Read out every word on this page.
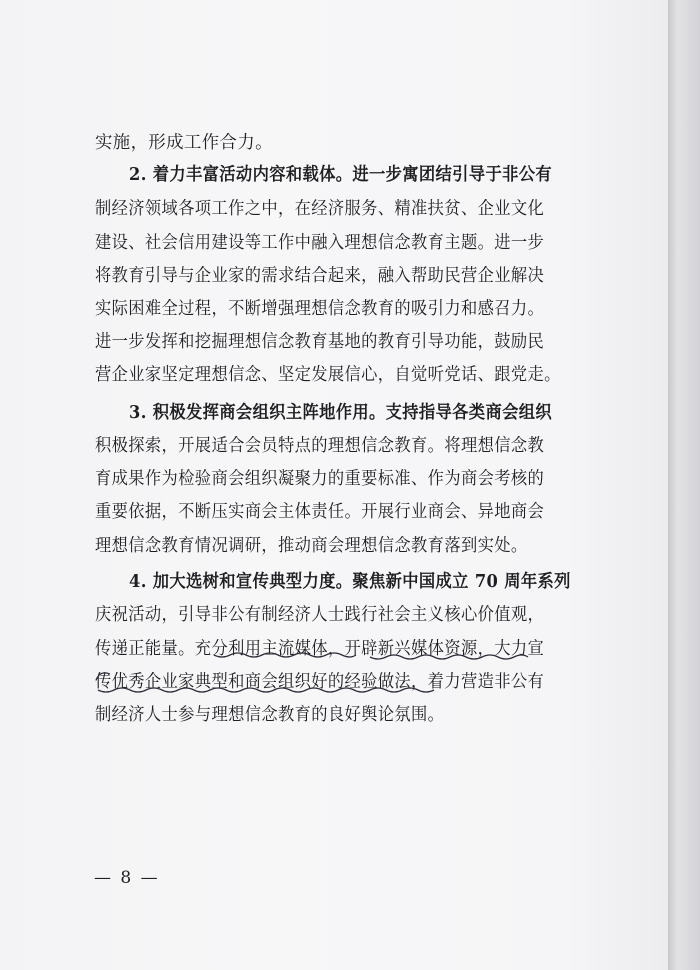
实施，形成工作合力。
2. 着力丰富活动内容和载体。进一步寓团结引导于非公有
制经济领域各项工作之中，在经济服务、精准扶贫、企业文化
建设、社会信用建设等工作中融入理想信念教育主题。进一步
将教育引导与企业家的需求结合起来，融入帮助民营企业解决
实际困难全过程，不断增强理想信念教育的吸引力和感召力。
进一步发挥和挖掘理想信念教育基地的教育引导功能，鼓励民
营企业家坚定理想信念、坚定发展信心，自觉听党话、跟党走。
3. 积极发挥商会组织主阵地作用。支持指导各类商会组织
积极探索，开展适合会员特点的理想信念教育。将理想信念教
育成果作为检验商会组织凝聚力的重要标准、作为商会考核的
重要依据，不断压实商会主体责任。开展行业商会、异地商会
理想信念教育情况调研，推动商会理想信念教育落到实处。
4. 加大选树和宣传典型力度。聚焦新中国成立 70 周年系列
庆祝活动，引导非公有制经济人士践行社会主义核心价值观，
传递正能量。充分利用主流媒体，开辟新兴媒体资源，大力宣
传优秀企业家典型和商会组织好的经验做法，着力营造非公有
制经济人士参与理想信念教育的良好舆论氛围。
— 8 —
